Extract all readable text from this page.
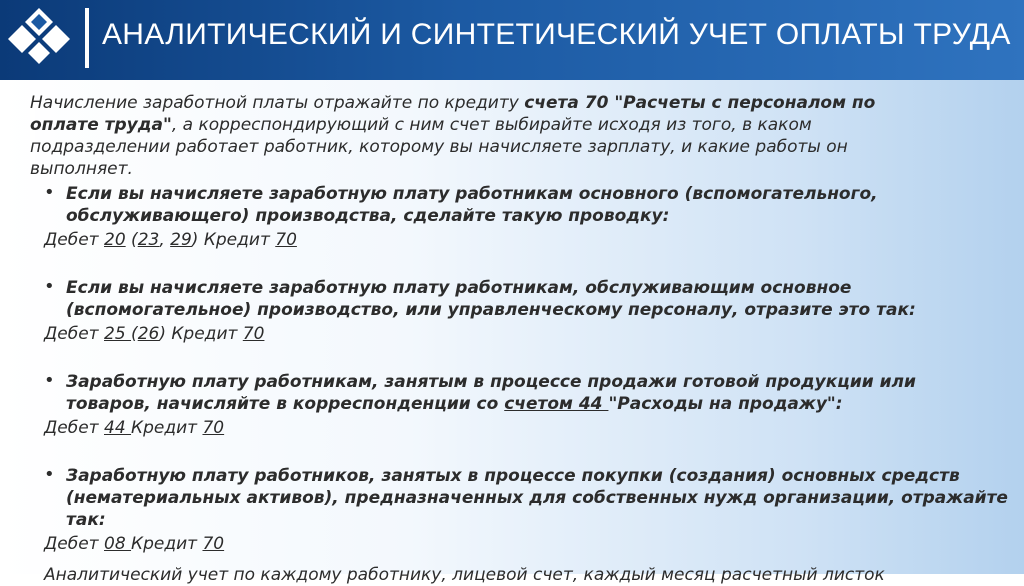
АНАЛИТИЧЕСКИЙ И СИНТЕТИЧЕСКИЙ УЧЕТ ОПЛАТЫ ТРУДА
Начисление заработной платы отражайте по кредиту счета 70 "Расчеты с персоналом по
оплате труда", а корреспондирующий с ним счет выбирайте исходя из того, в каком
подразделении работает работник, которому вы начисляете зарплату, и какие работы он
выполняет.
• Если вы начисляете заработную плату работникам основного (вспомогательного,
обслуживающего) производства, сделайте такую проводку:
Дебет 20 (23, 29) Кредит 70
• Если вы начисляете заработную плату работникам, обслуживающим основное
(вспомогательное) производство, или управленческому персоналу, отразите это так:
Дебет 25 (26) Кредит 70
• Заработную плату работникам, занятым в процессе продажи готовой продукции или
товаров, начисляйте в корреспонденции со счетом 44 "Расходы на продажу":
Дебет 44 Кредит 70
• Заработную плату работников, занятых в процессе покупки (создания) основных средств
(нематериальных активов), предназначенных для собственных нужд организации, отражайте
так:
Дебет 08 Кредит 70
Аналитический учет по каждому работнику, лицевой счет, каждый месяц расчетный листок
